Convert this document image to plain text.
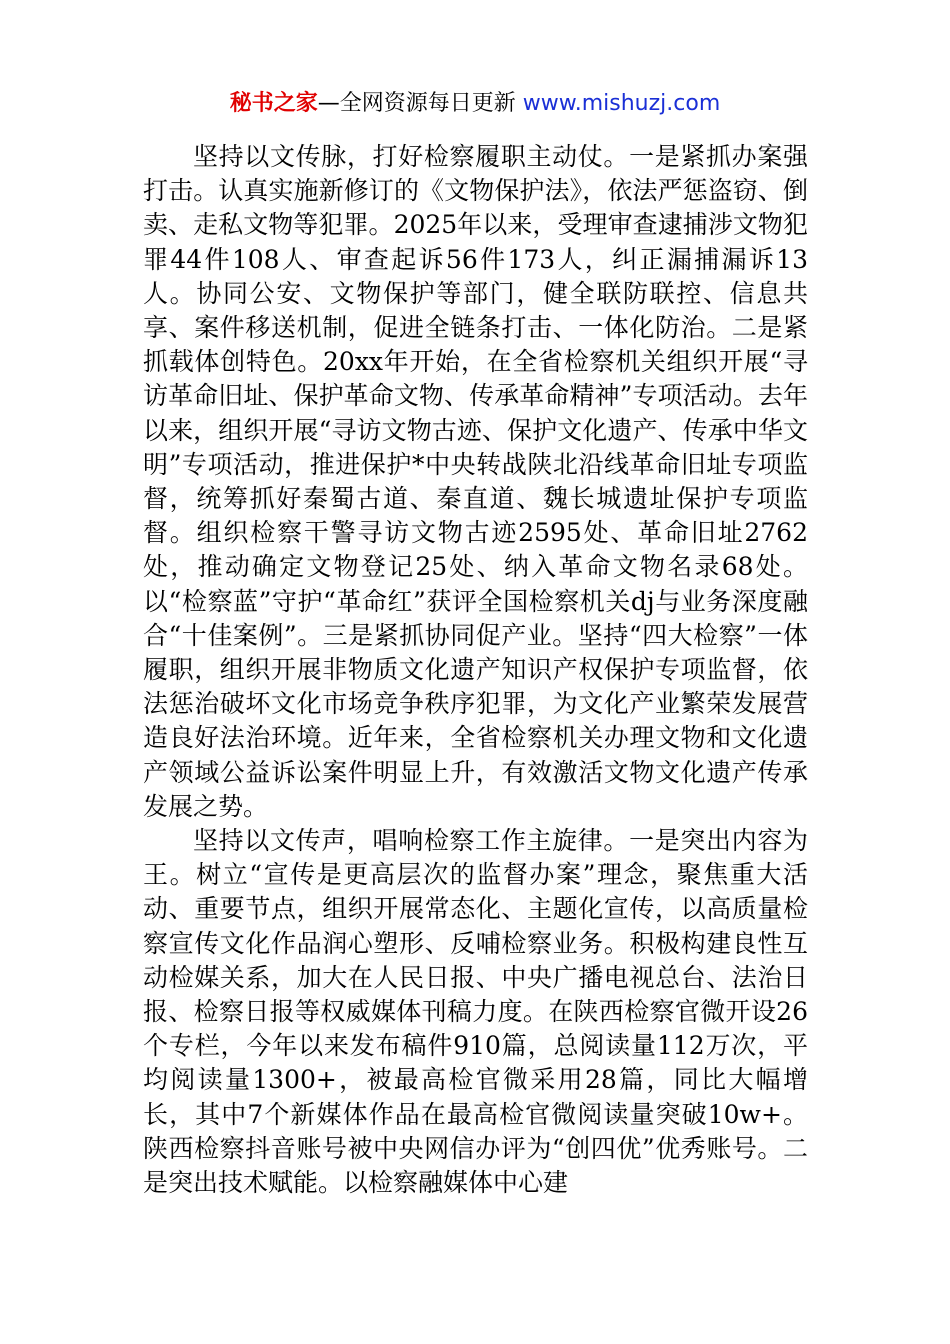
秘书之家—全网资源每日更新 www.mishuzj.com

坚持以文传脉，打好检察履职主动仗。一是紧抓办案强打击。认真实施新修订的《文物保护法》，依法严惩盗窃、倒卖、走私文物等犯罪。2025年以来，受理审查逮捕涉文物犯罪44件108人、审查起诉56件173人，纠正漏捕漏诉13人。协同公安、文物保护等部门，健全联防联控、信息共享、案件移送机制，促进全链条打击、一体化防治。二是紧抓载体创特色。20xx年开始，在全省检察机关组织开展“寻访革命旧址、保护革命文物、传承革命精神”专项活动。去年以来，组织开展“寻访文物古迹、保护文化遗产、传承中华文明”专项活动，推进保护*中央转战陕北沿线革命旧址专项监督，统筹抓好秦蜀古道、秦直道、魏长城遗址保护专项监督。组织检察干警寻访文物古迹2595处、革命旧址2762处，推动确定文物登记25处、纳入革命文物名录68处。以“检察蓝”守护“革命红”获评全国检察机关dj与业务深度融合“十佳案例”。三是紧抓协同促产业。坚持“四大检察”一体履职，组织开展非物质文化遗产知识产权保护专项监督，依法惩治破坏文化市场竞争秩序犯罪，为文化产业繁荣发展营造良好法治环境。近年来，全省检察机关办理文物和文化遗产领域公益诉讼案件明显上升，有效激活文物文化遗产传承发展之势。

坚持以文传声，唱响检察工作主旋律。一是突出内容为王。树立“宣传是更高层次的监督办案”理念，聚焦重大活动、重要节点，组织开展常态化、主题化宣传，以高质量检察宣传文化作品润心塑形、反哺检察业务。积极构建良性互动检媒关系，加大在人民日报、中央广播电视总台、法治日报、检察日报等权威媒体刊稿力度。在陕西检察官微开设26个专栏，今年以来发布稿件910篇，总阅读量112万次，平均阅读量1300+，被最高检官微采用28篇，同比大幅增长，其中7个新媒体作品在最高检官微阅读量突破10w+。陕西检察抖音账号被中央网信办评为“创四优”优秀账号。二是突出技术赋能。以检察融媒体中心建
